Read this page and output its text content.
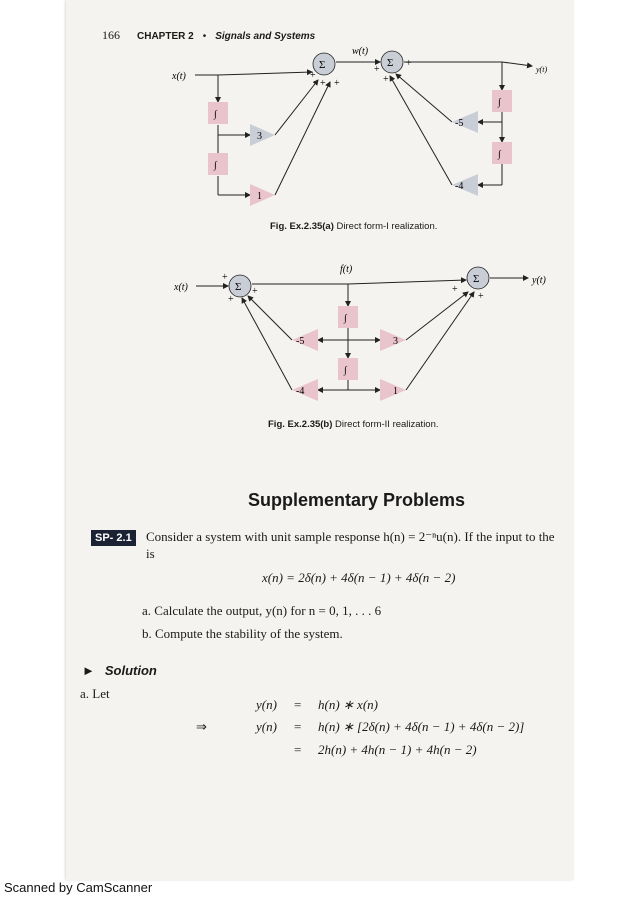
166 CHAPTER 2 • Signals and Systems
x(t)
w(t)
y(t)
Σ	Σ
∫
∫
∫
∫
3
1
-5
-4
+
+ +
+
+
+
Fig. Ex.2.35(a) Direct form-I realization.
x(t)
f(t)
y(t)
Σ
Σ
∫
∫
-5
-4
3
1
+
+
+	+
+
Fig. Ex.2.35(b) Direct form-II realization.
Supplementary Problems
SP- 2.1	Consider a system with unit sample response h(n) = 2⁻ⁿu(n). If the input to the
is
x(n) = 2δ(n) + 4δ(n − 1) + 4δ(n − 2)
a. Calculate the output, y(n) for n = 0, 1, . . . 6
b. Compute the stability of the system.
► Solution
a. Let
⇒
y(n) = h(n) ∗ x(n)
y(n) = h(n) ∗ [2δ(n) + 4δ(n − 1) + 4δ(n − 2)]
= 2h(n) + 4h(n − 1) + 4h(n − 2)
Scanned by CamScanner
